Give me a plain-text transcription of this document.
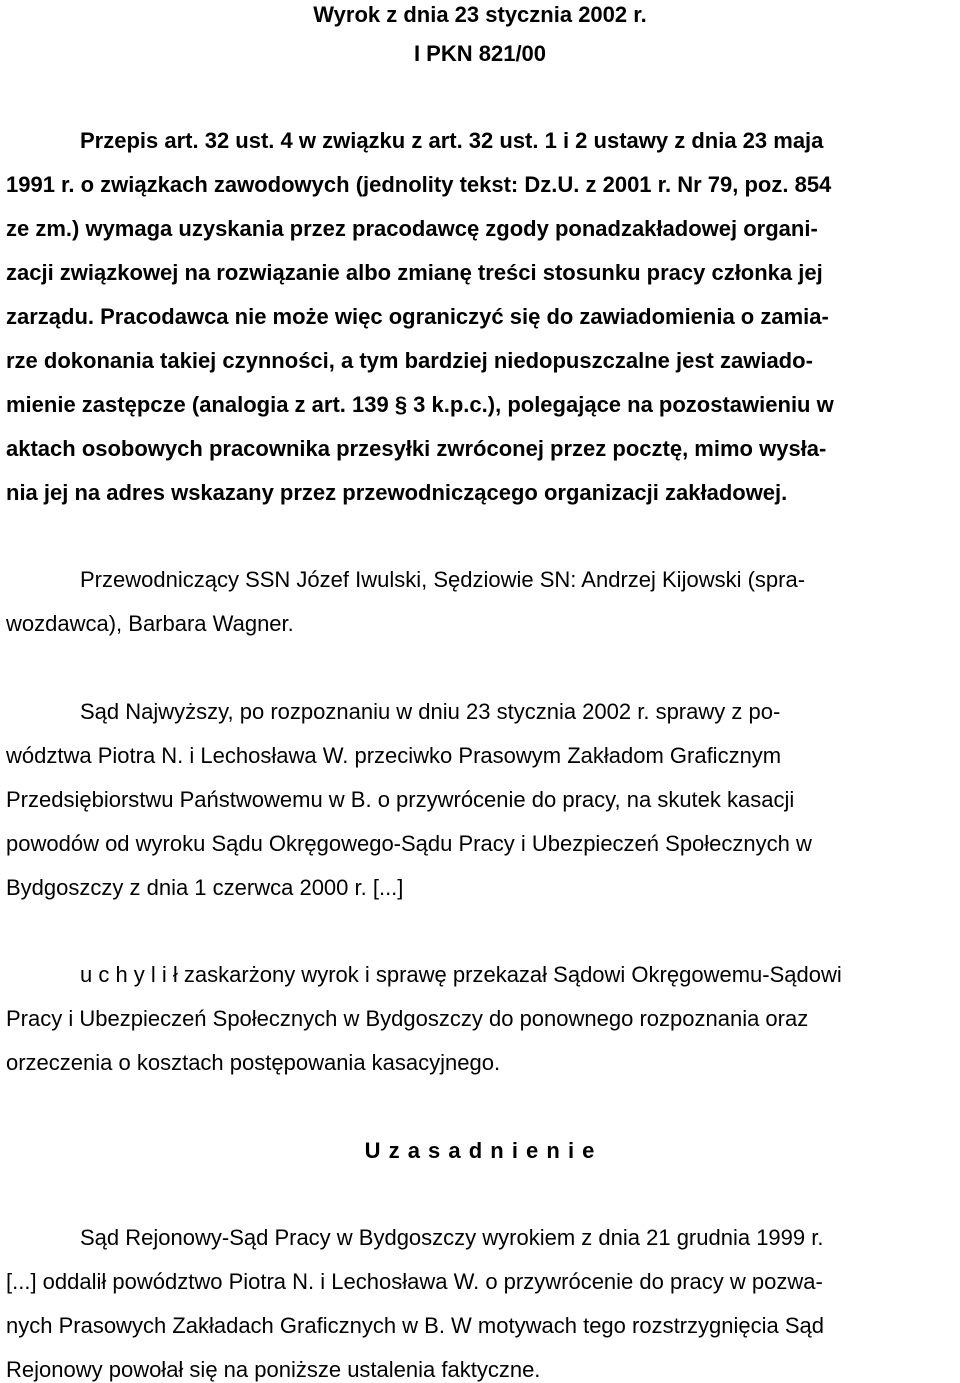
Wyrok z dnia 23 stycznia 2002 r.

I PKN 821/00

Przepis art. 32 ust. 4 w związku z art. 32 ust. 1 i 2 ustawy z dnia 23 maja

1991 r. o związkach zawodowych (jednolity tekst: Dz.U. z 2001 r. Nr 79, poz. 854

ze zm.) wymaga uzyskania przez pracodawcę zgody ponadzakładowej organi-

zacji związkowej na rozwiązanie albo zmianę treści stosunku pracy członka jej

zarządu. Pracodawca nie może więc ograniczyć się do zawiadomienia o zamia-

rze dokonania takiej czynności, a tym bardziej niedopuszczalne jest zawiado-

mienie zastępcze (analogia z art. 139 § 3 k.p.c.), polegające na pozostawieniu w

aktach osobowych pracownika przesyłki zwróconej przez pocztę, mimo wysła-

nia jej na adres wskazany przez przewodniczącego organizacji zakładowej.

Przewodniczący SSN Józef Iwulski, Sędziowie SN: Andrzej Kijowski (spra-

wozdawca), Barbara Wagner.

Sąd Najwyższy, po rozpoznaniu w dniu 23 stycznia 2002 r. sprawy z po-

wództwa Piotra N. i Lechosława W. przeciwko Prasowym Zakładom Graficznym

Przedsiębiorstwu Państwowemu w B. o przywrócenie do pracy, na skutek kasacji

powodów od wyroku Sądu Okręgowego-Sądu Pracy i Ubezpieczeń Społecznych w

Bydgoszczy z dnia 1 czerwca 2000 r. [...]

u c h y l i ł zaskarżony wyrok i sprawę przekazał Sądowi Okręgowemu-Sądowi

Pracy i Ubezpieczeń Społecznych w Bydgoszczy do ponownego rozpoznania oraz

orzeczenia o kosztach postępowania kasacyjnego.

U z a s a d n i e n i e

Sąd Rejonowy-Sąd Pracy w Bydgoszczy wyrokiem z dnia 21 grudnia 1999 r.

[...] oddalił powództwo Piotra N. i Lechosława W. o przywrócenie do pracy w pozwa-

nych Prasowych Zakładach Graficznych w B. W motywach tego rozstrzygnięcia Sąd

Rejonowy powołał się na poniższe ustalenia faktyczne.
